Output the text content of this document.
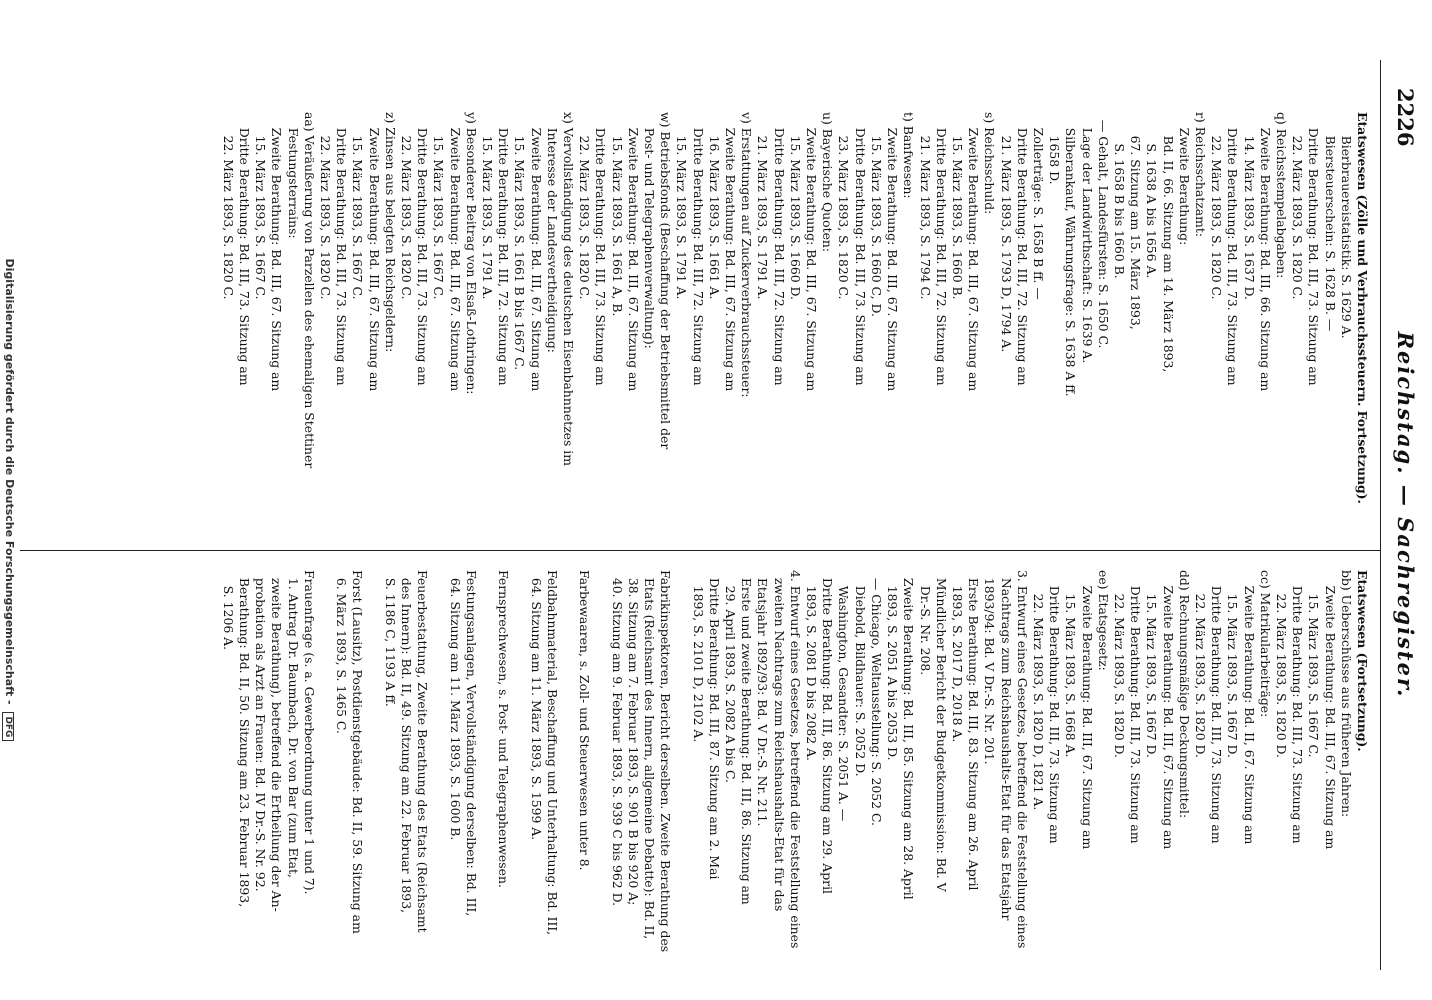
2226
Reichstag. — Sachregister.
Etatswesen (Zölle und Verbrauchssteuern. Fortsetzung).
Bierbrauereistatistik: S. 1629 A.
Biersteuerschein: S. 1628 B. —
Dritte Berathung: Bd. III, 73. Sitzung am
22. März 1893, S. 1820 C.
q) Reichsstempelabgaben:
Zweite Berathung: Bd. III, 66. Sitzung am
14. März 1893, S. 1637 D.
Dritte Berathung: Bd. III, 73. Sitzung am
22. März 1893, S. 1820 C.
r) Reichsschatzamt:
Zweite Berathung:
Bd. II, 66. Sitzung am 14. März 1893,
S. 1638 A bis 1656 A.
67. Sitzung am 15. März 1893,
S. 1658 B bis 1660 B.
— Gehalt, Landesfürsten: S. 1650 C.
Lage der Landwirthschaft: S. 1639 A.
Silberankauf, Währungsfrage: S. 1638 A ff.
1658 D.
Zollerträge: S. 1658 B ff. —
Dritte Berathung: Bd. III, 72. Sitzung am
21. März 1893, S. 1793 D, 1794 A.
s) Reichsschuld:
Zweite Berathung: Bd. III, 67. Sitzung am
15. März 1893, S. 1660 B.
Dritte Berathung: Bd. III, 72. Sitzung am
21. März 1893, S. 1794 C.
t) Banfwesen:
Zweite Berathung: Bd. III, 67. Sitzung am
15. März 1893, S. 1660 C, D.
Dritte Berathung: Bd. III, 73. Sitzung am
23. März 1893, S. 1820 C.
u) Bayerische Quoten:
Zweite Berathung: Bd. III, 67. Sitzung am
15. März 1893, S. 1660 D.
Dritte Berathung: Bd. III, 72. Sitzung am
21. März 1893, S. 1791 A.
v) Erstattungen auf Zuckerverbrauchssteuer:
Zweite Berathung: Bd. III, 67. Sitzung am
16. März 1893, S. 1661 A.
Dritte Berathung: Bd. III, 72. Sitzung am
15. März 1893, S. 1791 A.
w) Betriebsfonds (Beschaffung der Betriebsmittel der
Post- und Telegraphenverwaltung):
Zweite Berathung: Bd. III, 67. Sitzung am
15. März 1893, S. 1661 A, B.
Dritte Berathung: Bd. III, 73. Sitzung am
22. März 1893, S. 1820 C.
x) Vervollständigung des deutschen Eisenbahnnetzes im
Interesse der Landesvertheidigung:
Zweite Berathung: Bd. III, 67. Sitzung am
15. März 1893, S. 1661 B bis 1667 C.
Dritte Berathung: Bd. III, 72. Sitzung am
15. März 1893, S. 1791 A.
y) Besonderer Beitrag von Elsaß-Lothringen:
Zweite Berathung: Bd. III, 67. Sitzung am
15. März 1893, S. 1667 C.
Dritte Berathung: Bd. III, 73. Sitzung am
22. März 1893, S. 1820 C.
z) Zinsen aus belegten Reichsgeldern:
Zweite Berathung: Bd. III, 67. Sitzung am
15. März 1893, S. 1667 C.
Dritte Berathung: Bd. III, 73. Sitzung am
22. März 1893, S. 1820 C.
aa) Veräußerung von Parzellen des ehemaligen Stettiner
Festungsterrains:
Zweite Berathung: Bd. III, 67. Sitzung am
15. März 1893, S. 1667 C.
Dritte Berathung: Bd. III, 73. Sitzung am
22. März 1893, S. 1820 C.
Etatswesen (Fortsetzung).
bb) Ueberschüsse aus früheren Jahren:
Zweite Berathung: Bd. III, 67. Sitzung am
15. März 1893, S. 1667 C.
Dritte Berathung: Bd. III, 73. Sitzung am
22. März 1893, S. 1820 D.
cc) Matrikularbeiträge:
Zweite Berathung: Bd. II, 67. Sitzung am
15. März 1893, S. 1667 D.
Dritte Berathung: Bd. III, 73. Sitzung am
22. März 1893, S. 1820 D.
dd) Rechnungsmäßige Deckungsmittel:
Zweite Berathung: Bd. III, 67. Sitzung am
15. März 1893, S. 1667 D.
Dritte Berathung: Bd. III, 73. Sitzung am
22. März 1893, S. 1820 D.
ee) Etatsgesetz:
Zweite Berathung: Bd. III, 67. Sitzung am
15. März 1893, S. 1668 A.
Dritte Berathung: Bd. III, 73. Sitzung am
22. März 1893, S. 1820 D, 1821 A.
3. Entwurf eines Gesetzes, betreffend die Feststellung eines
Nachtrags zum Reichshaushalts-Etat für das Etatsjahr
1893/94: Bd. V Dr.-S. Nr. 201.
Erste Berathung: Bd. III, 83. Sitzung am 26. April
1893, S. 2017 D, 2018 A.
Mündlicher Bericht der Budgetkommission: Bd. V
Dr.-S. Nr. 208.
Zweite Berathung: Bd. III, 85. Sitzung am 28. April
1893, S. 2051 A bis 2053 D.
— Chicago, Weltausstellung: S. 2052 C.
Diebold, Bildhauer: S. 2052 D.
Washington, Gesandter: S. 2051 A. —
Dritte Berathung: Bd. III, 86. Sitzung am 29. April
1893, S. 2081 D bis 2082 A.
4. Entwurf eines Gesetzes, betreffend die Feststellung eines
zweiten Nachtrags zum Reichshaushalts-Etat für das
Etatsjahr 1892/93: Bd. V Dr.-S. Nr. 211.
Erste und zweite Berathung: Bd. III, 86. Sitzung am
29. April 1893, S. 2082 A bis C.
Dritte Berathung: Bd. III, 87. Sitzung am 2. Mai
1893, S. 2101 D, 2102 A.

Fabrikinspektoren, Bericht derselben. Zweite Berathung des
Etats (Reichsamt des Innern, allgemeine Debatte): Bd. II,
38. Sitzung am 7. Februar 1893, S. 901 B bis 920 A;
40. Sitzung am 9. Februar 1893, S. 939 C bis 962 D.

Farbewaaren, s. Zoll- und Steuerwesen unter 8.

Feldbahnmaterial, Beschaffung und Unterhaltung: Bd. III,
64. Sitzung am 11. März 1893, S. 1599 A.

Fernsprechwesen, s. Post- und Telegraphenwesen.

Festungsanlagen, Vervollständigung derselben: Bd. III,
64. Sitzung am 11. März 1893, S. 1600 B.

Feuerbestattung, Zweite Berathung des Etats (Reichsamt
des Innern): Bd. II, 49. Sitzung am 22. Februar 1893,
S. 1186 C, 1193 A ff.

Forst (Lausitz), Postdienstgebäude: Bd. II, 59. Sitzung am
6. März 1893, S. 1465 C.

Frauenfrage (s. a. Gewerbeordnung unter 1 und 7).
1. Antrag Dr. Baumbach, Dr. von Bar (zum Etat,
zweite Berathung), betreffend die Ertheilung der An-
probation als Arzt an Frauen: Bd. IV Dr.-S. Nr. 92.
Berathung: Bd. II, 50. Sitzung am 23. Februar 1893,
S. 1206 A.
Digitalisierung gefördert durch die Deutsche Forschungsgemeinschaft - DFG
